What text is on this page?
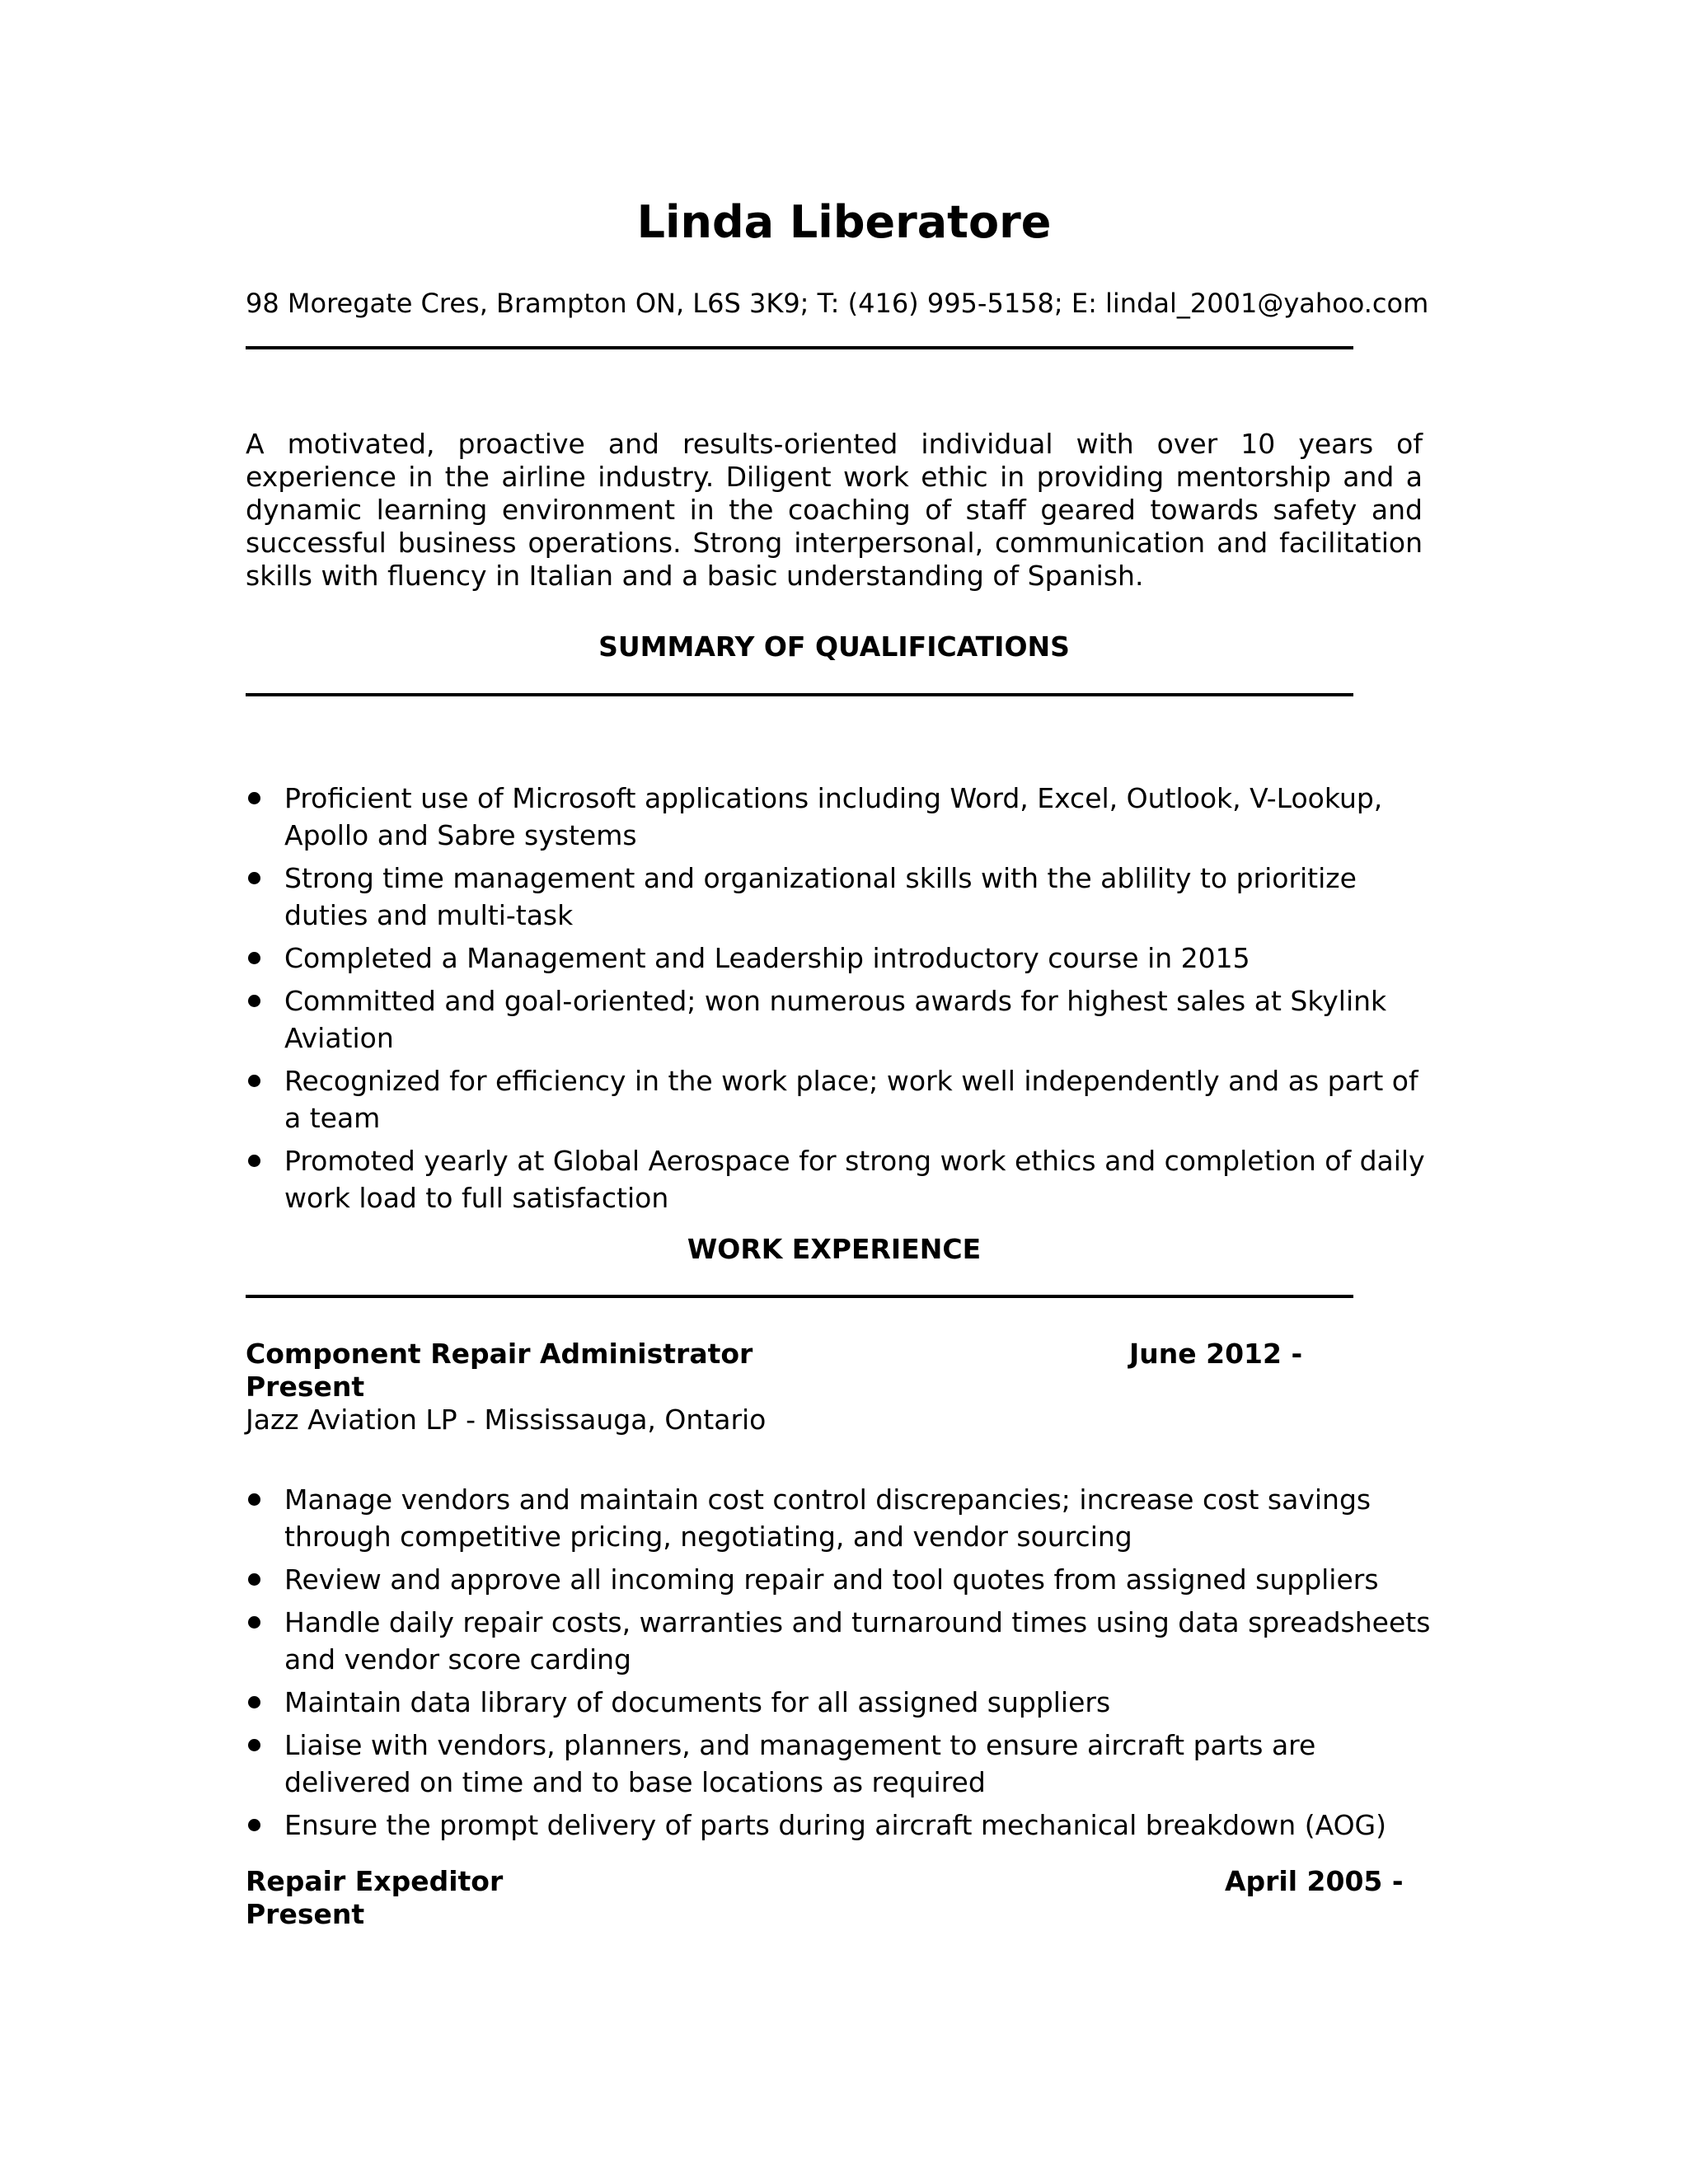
Linda Liberatore
98 Moregate Cres, Brampton ON, L6S 3K9; T: (416) 995-5158; E: lindal_2001@yahoo.com
A motivated, proactive and results-oriented individual with over 10 years of experience in the airline industry. Diligent work ethic in providing mentorship and a dynamic learning environment in the coaching of staff geared towards safety and successful business operations. Strong interpersonal, communication and facilitation skills with fluency in Italian and a basic understanding of Spanish.
SUMMARY OF QUALIFICATIONS
Proficient use of Microsoft applications including Word, Excel, Outlook, V-Lookup, Apollo and Sabre systems
Strong time management and organizational skills with the ablility to prioritize duties and multi-task
Completed a Management and Leadership introductory course in 2015
Committed and goal-oriented; won numerous awards for highest sales at Skylink Aviation
Recognized for efficiency in the work place; work well independently and as part of a team
Promoted yearly at Global Aerospace for strong work ethics and completion of daily work load to full satisfaction
WORK EXPERIENCE
Component Repair Administrator	June 2012 -
Present
Jazz Aviation LP - Mississauga, Ontario
Manage vendors and maintain cost control discrepancies; increase cost savings through competitive pricing, negotiating, and vendor sourcing
Review and approve all incoming repair and tool quotes from assigned suppliers
Handle daily repair costs, warranties and turnaround times using data spreadsheets and vendor score carding
Maintain data library of documents for all assigned suppliers
Liaise with vendors, planners, and management to ensure aircraft parts are delivered on time and to base locations as required
Ensure the prompt delivery of parts during aircraft mechanical breakdown (AOG)
Repair Expeditor	April 2005 -
Present
